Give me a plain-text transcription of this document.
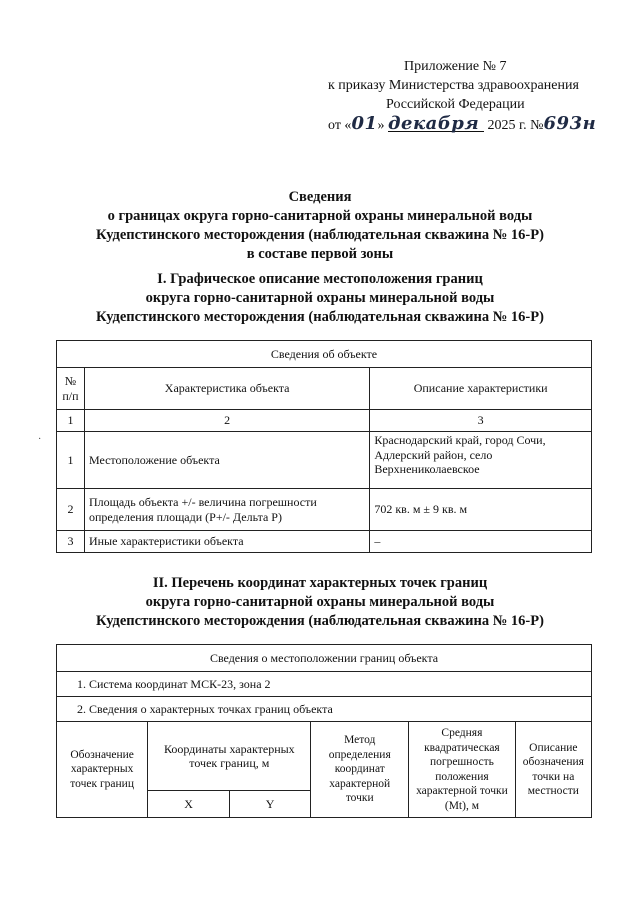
Приложение № 7
к приказу Министерства здравоохранения
Российской Федерации
от «01» декабря 2025 г. №693н
Сведения
о границах округа горно-санитарной охраны минеральной воды
Кудепстинского месторождения (наблюдательная скважина № 16-Р)
в составе первой зоны
I. Графическое описание местоположения границ
округа горно-санитарной охраны минеральной воды
Кудепстинского месторождения (наблюдательная скважина № 16-Р)
Сведения об объекте		
№
п/п	Характеристика объекта	Описание характеристики
1	2	3
1	Местоположение объекта	Краснодарский край, город Сочи, Адлерский район, село Верхнениколаевское
2	Площадь объекта +/- величина погрешности определения площади (P+/- Дельта P)	702 кв. м ± 9 кв. м
3	Иные характеристики объекта	–
II. Перечень координат характерных точек границ
округа горно-санитарной охраны минеральной воды
Кудепстинского месторождения (наблюдательная скважина № 16-Р)
Сведения о местоположении границ объекта					
1. Система координат МСК-23, зона 2					
2. Сведения о характерных точках границ объекта					
Обозначение характерных точек границ	Координаты характерных точек границ, м		Метод определения координат характерной точки	Средняя квадратическая погрешность положения характерной точки (Mt), м	Описание обозначения точки на местности
	X	Y			
·
